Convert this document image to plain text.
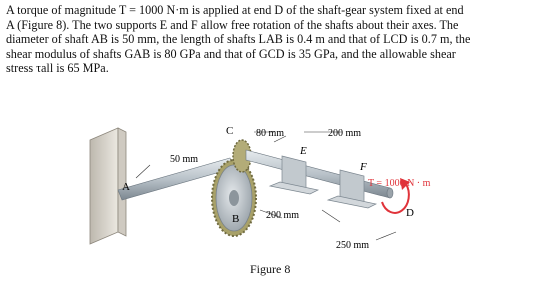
A torque of magnitude T = 1000 N·m is applied at end D of the shaft-gear system fixed at end
A (Figure 8). The two supports E and F allow free rotation of the shafts about their axes. The
diameter of shaft AB is 50 mm, the length of shafts LAB is 0.4 m and that of LCD is 0.7 m, the
shear modulus of shafts GAB is 80 GPa and that of GCD is 35 GPa, and the allowable shear
stress τall is 65 MPa.
C 80 mm	200 mm
E
50 mm
F
T = 1000 N · m
A
D
200 mm
B
250 mm
Figure 8
